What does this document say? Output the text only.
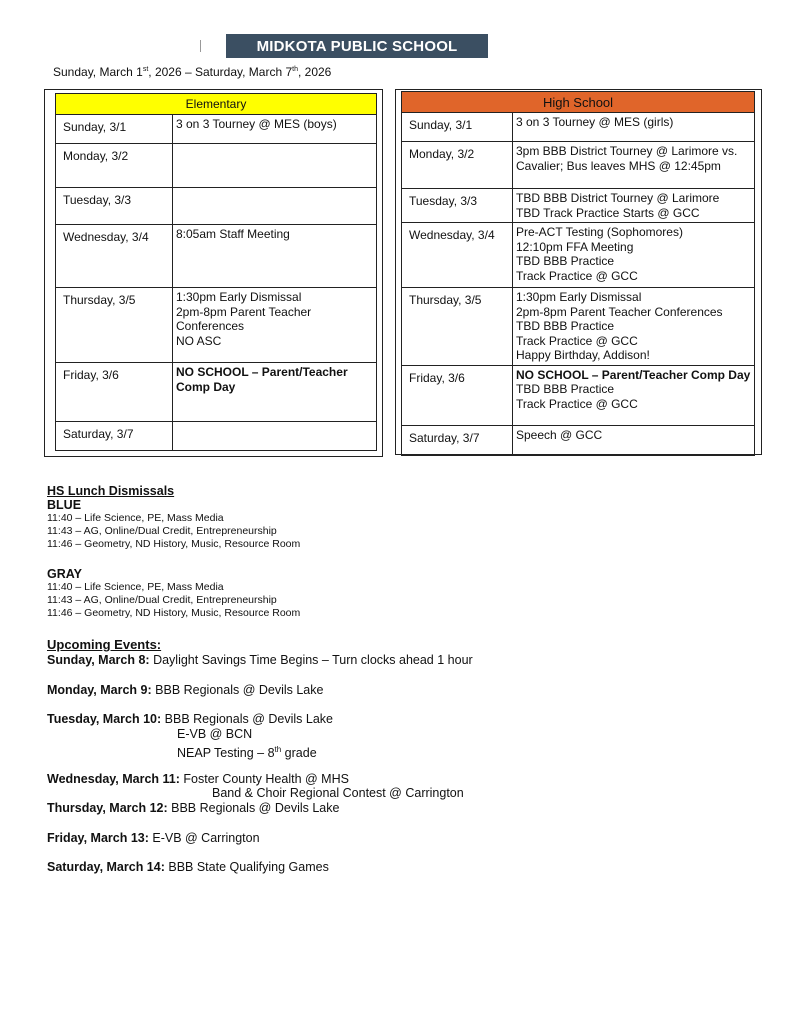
MIDKOTA PUBLIC SCHOOL
Sunday, March 1st, 2026 – Saturday, March 7th, 2026
Elementary	
Sunday, 3/1	3 on 3 Tourney @ MES (boys)

Monday, 3/2	
Tuesday, 3/3	
Wednesday, 3/4	8:05am Staff Meeting

Thursday, 3/5	1:30pm Early Dismissal
2pm-8pm Parent Teacher Conferences
NO ASC

Friday, 3/6	NO SCHOOL – Parent/Teacher Comp Day

Saturday, 3/7	
High School	
Sunday, 3/1	3 on 3 Tourney @ MES (girls)

Monday, 3/2	3pm BBB District Tourney @ Larimore vs. Cavalier; Bus leaves MHS @ 12:45pm

Tuesday, 3/3	TBD BBB District Tourney @ Larimore
TBD Track Practice Starts @ GCC

Wednesday, 3/4	Pre-ACT Testing (Sophomores)
12:10pm FFA Meeting
TBD BBB Practice
Track Practice @ GCC

Thursday, 3/5	1:30pm Early Dismissal
2pm-8pm Parent Teacher Conferences
TBD BBB Practice
Track Practice @ GCC
Happy Birthday, Addison!

Friday, 3/6	NO SCHOOL – Parent/Teacher Comp Day
TBD BBB Practice
Track Practice @ GCC

Saturday, 3/7	Speech @ GCC
HS Lunch Dismissals
BLUE
11:40 – Life Science, PE, Mass Media
11:43 – AG, Online/Dual Credit, Entrepreneurship
11:46 – Geometry, ND History, Music, Resource Room
GRAY
11:40 – Life Science, PE, Mass Media
11:43 – AG, Online/Dual Credit, Entrepreneurship
11:46 – Geometry, ND History, Music, Resource Room
Upcoming Events:
Sunday, March 8: Daylight Savings Time Begins – Turn clocks ahead 1 hour
Monday, March 9: BBB Regionals @ Devils Lake
Tuesday, March 10: BBB Regionals @ Devils Lake
E-VB @ BCN
NEAP Testing – 8th grade
Wednesday, March 11: Foster County Health @ MHS
Band & Choir Regional Contest @ Carrington
Thursday, March 12: BBB Regionals @ Devils Lake
Friday, March 13: E-VB @ Carrington
Saturday, March 14: BBB State Qualifying Games
